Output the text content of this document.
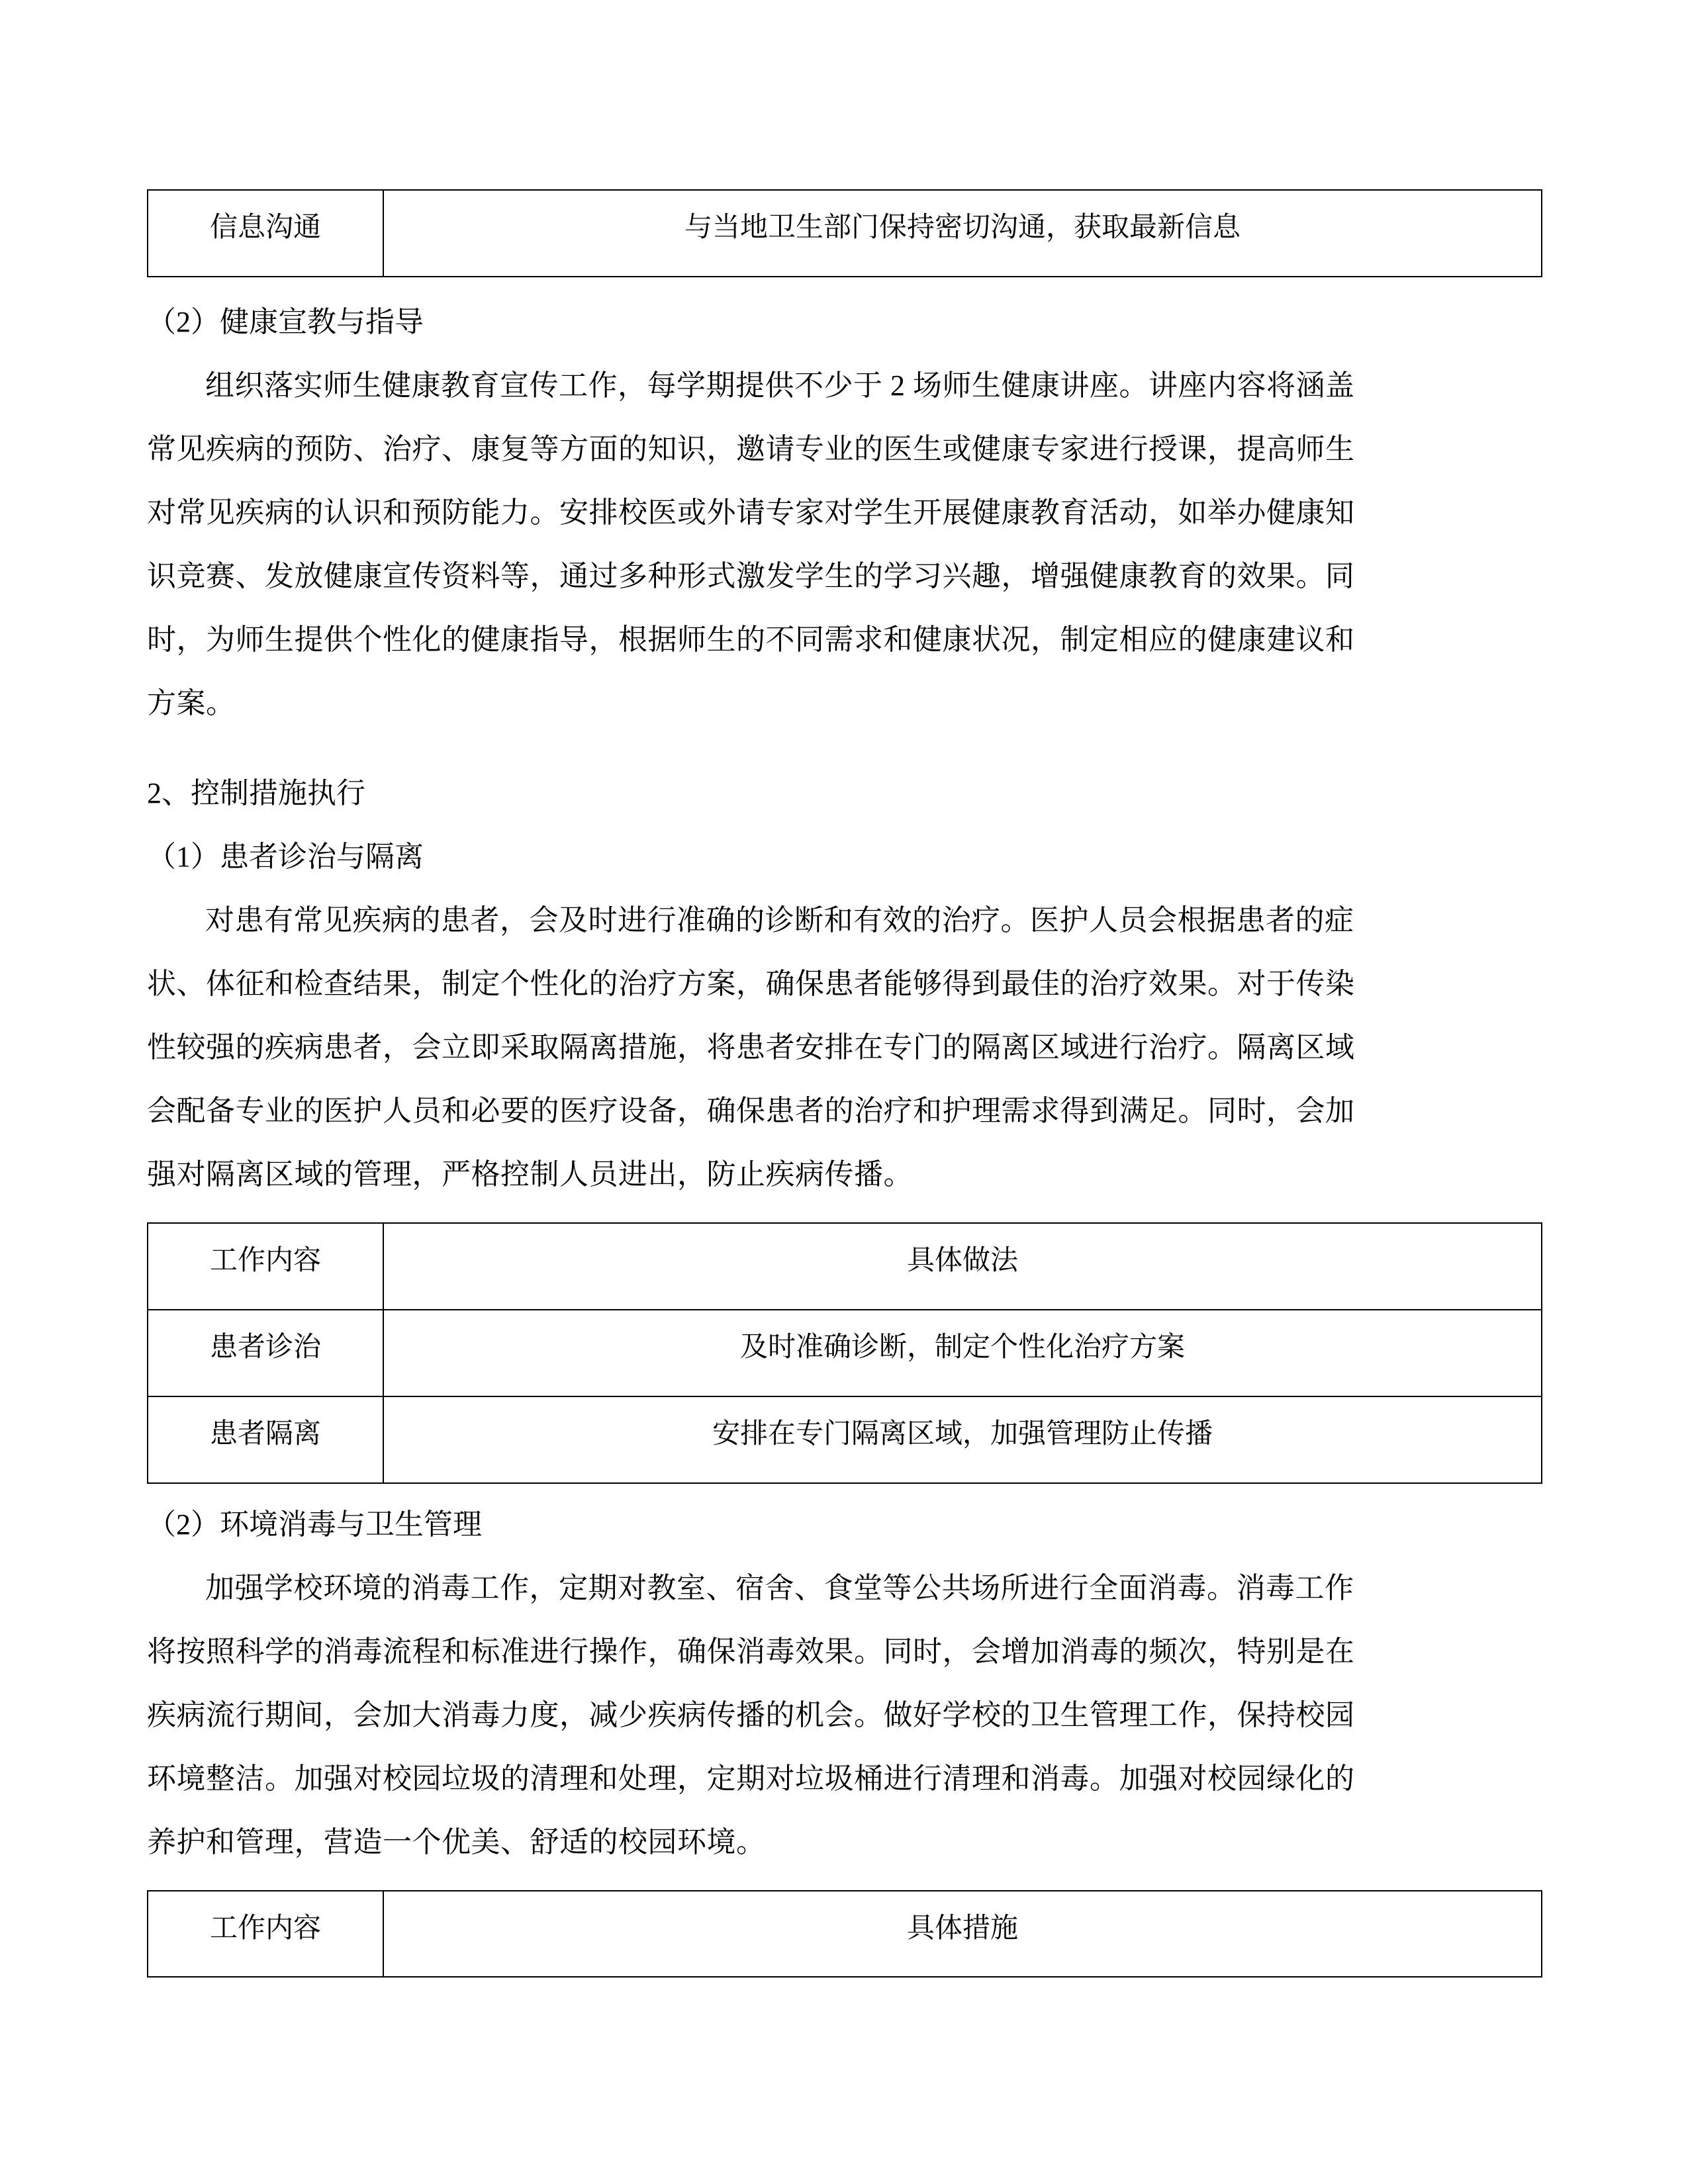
信息沟通	与当地卫生部门保持密切沟通，获取最新信息

（2）健康宣教与指导

组织落实师生健康教育宣传工作，每学期提供不少于 2 场师生健康讲座。讲座内容将涵盖

常见疾病的预防、治疗、康复等方面的知识，邀请专业的医生或健康专家进行授课，提高师生

对常见疾病的认识和预防能力。安排校医或外请专家对学生开展健康教育活动，如举办健康知

识竞赛、发放健康宣传资料等，通过多种形式激发学生的学习兴趣，增强健康教育的效果。同

时，为师生提供个性化的健康指导，根据师生的不同需求和健康状况，制定相应的健康建议和

方案。

2、控制措施执行

（1）患者诊治与隔离

对患有常见疾病的患者，会及时进行准确的诊断和有效的治疗。医护人员会根据患者的症

状、体征和检查结果，制定个性化的治疗方案，确保患者能够得到最佳的治疗效果。对于传染

性较强的疾病患者，会立即采取隔离措施，将患者安排在专门的隔离区域进行治疗。隔离区域

会配备专业的医护人员和必要的医疗设备，确保患者的治疗和护理需求得到满足。同时，会加

强对隔离区域的管理，严格控制人员进出，防止疾病传播。

工作内容	具体做法
患者诊治	及时准确诊断，制定个性化治疗方案
患者隔离	安排在专门隔离区域，加强管理防止传播

（2）环境消毒与卫生管理

加强学校环境的消毒工作，定期对教室、宿舍、食堂等公共场所进行全面消毒。消毒工作

将按照科学的消毒流程和标准进行操作，确保消毒效果。同时，会增加消毒的频次，特别是在

疾病流行期间，会加大消毒力度，减少疾病传播的机会。做好学校的卫生管理工作，保持校园

环境整洁。加强对校园垃圾的清理和处理，定期对垃圾桶进行清理和消毒。加强对校园绿化的

养护和管理，营造一个优美、舒适的校园环境。

工作内容	具体措施
